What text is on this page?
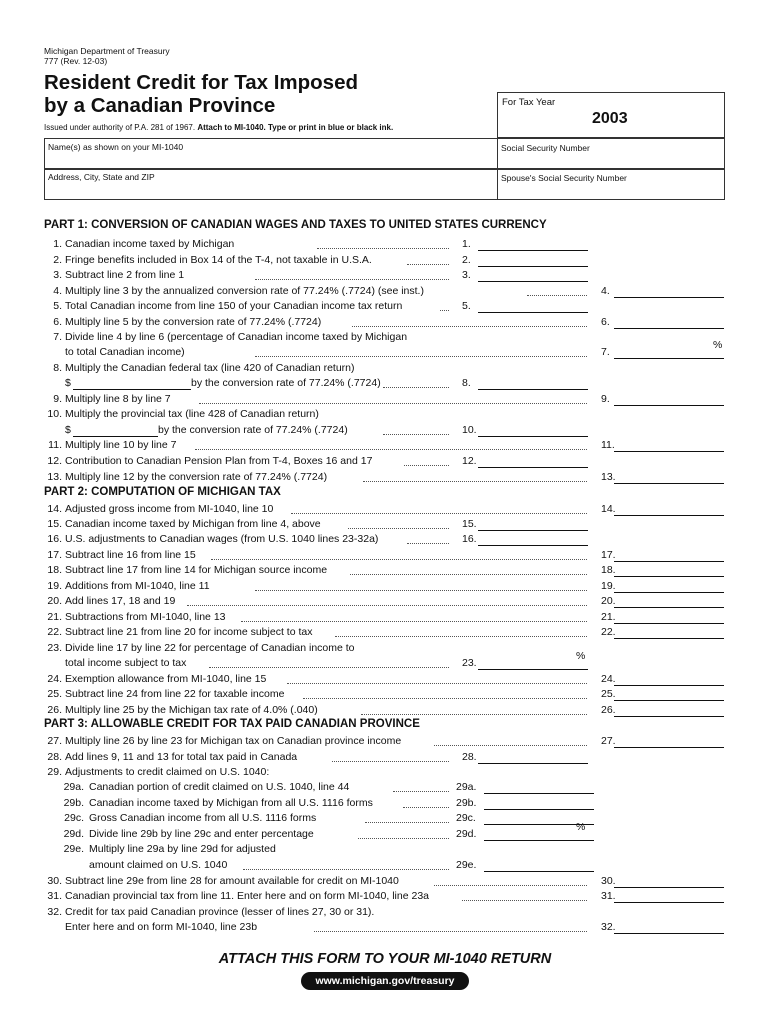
Michigan Department of Treasury
777 (Rev. 12-03)
Resident Credit for Tax Imposed
by a Canadian Province
Issued under authority of P.A. 281 of 1967. Attach to MI-1040. Type or print in blue or black ink.
For Tax Year
2003
Name(s) as shown on your MI-1040	Social Security Number
Address, City, State and ZIP	Spouse's Social Security Number
PART 1: CONVERSION OF CANADIAN WAGES AND TAXES TO UNITED STATES CURRENCY
PART 2: COMPUTATION OF MICHIGAN TAX
PART 3: ALLOWABLE CREDIT FOR TAX PAID CANADIAN PROVINCE
1. Canadian income taxed by Michigan	1.
2. Fringe benefits included in Box 14 of the T-4, not taxable in U.S.A.	2.
3. Subtract line 2 from line 1	3.
4. Multiply line 3 by the annualized conversion rate of 77.24% (.7724) (see inst.)	4.
5. Total Canadian income from line 150 of your Canadian income tax return	5.
6. Multiply line 5 by the conversion rate of 77.24% (.7724)	6.
7. Divide line 4 by line 6 (percentage of Canadian income taxed by Michigan
to total Canadian income)	7.
%
8. Multiply the Canadian federal tax (line 420 of Canadian return)
$	by the conversion rate of 77.24% (.7724)	8.
9. Multiply line 8 by line 7	9.
10. Multiply the provincial tax (line 428 of Canadian return)
$	by the conversion rate of 77.24% (.7724)	10.
11. Multiply line 10 by line 7	11.
12. Contribution to Canadian Pension Plan from T-4, Boxes 16 and 17	12.
13. Multiply line 12 by the conversion rate of 77.24% (.7724)	13.
14. Adjusted gross income from MI-1040, line 10	14.
15. Canadian income taxed by Michigan from line 4, above	15.
16. U.S. adjustments to Canadian wages (from U.S. 1040 lines 23-32a)	16.
17. Subtract line 16 from line 15	17.
18. Subtract line 17 from line 14 for Michigan source income	18.
19. Additions from MI-1040, line 11	19.
20. Add lines 17, 18 and 19	20.
21. Subtractions from MI-1040, line 13	21.
22. Subtract line 21 from line 20 for income subject to tax	22.
23. Divide line 17 by line 22 for percentage of Canadian income to
total income subject to tax	23.
%
24. Exemption allowance from MI-1040, line 15	24.
25. Subtract line 24 from line 22 for taxable income	25.
26. Multiply line 25 by the Michigan tax rate of 4.0% (.040)	26.
27. Multiply line 26 by line 23 for Michigan tax on Canadian province income	27.
28. Add lines 9, 11 and 13 for total tax paid in Canada	28.
29. Adjustments to credit claimed on U.S. 1040:
29a. Canadian portion of credit claimed on U.S. 1040, line 44	29a.
29b. Canadian income taxed by Michigan from all U.S. 1116 forms	29b.
29c. Gross Canadian income from all U.S. 1116 forms	29c.
29d. Divide line 29b by line 29c and enter percentage	29d.
%
29e. Multiply line 29a by line 29d for adjusted
amount claimed on U.S. 1040	29e.
30. Subtract line 29e from line 28 for amount available for credit on MI-1040	30.
31. Canadian provincial tax from line 11. Enter here and on form MI-1040, line 23a	31.
32. Credit for tax paid Canadian province (lesser of lines 27, 30 or 31).
Enter here and on form MI-1040, line 23b	32.
ATTACH THIS FORM TO YOUR MI-1040 RETURN
www.michigan.gov/treasury
